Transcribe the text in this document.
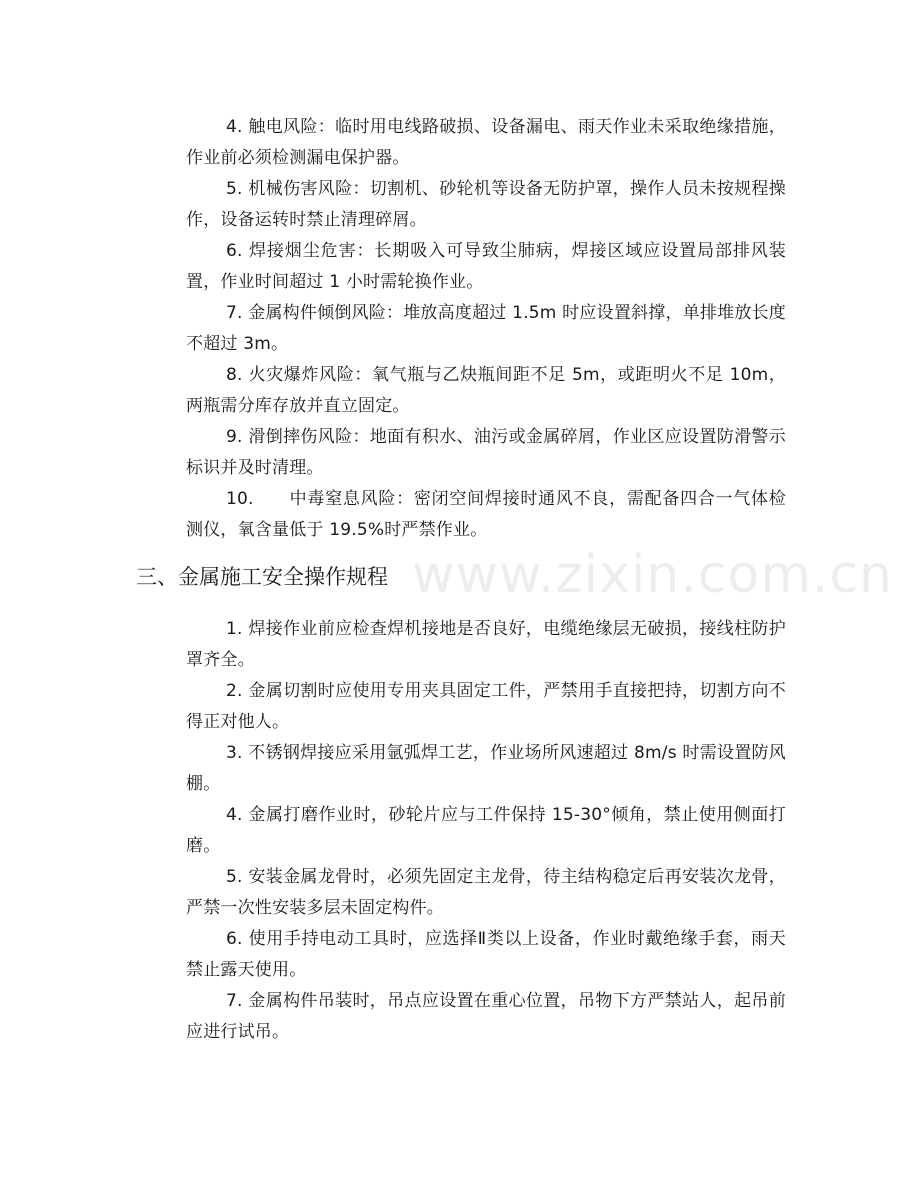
4. 触电风险：临时用电线路破损、设备漏电、雨天作业未采取绝缘措施，作业前必须检测漏电保护器。

5. 机械伤害风险：切割机、砂轮机等设备无防护罩，操作人员未按规程操作，设备运转时禁止清理碎屑。

6. 焊接烟尘危害：长期吸入可导致尘肺病，焊接区域应设置局部排风装置，作业时间超过 1 小时需轮换作业。

7. 金属构件倾倒风险：堆放高度超过 1.5m 时应设置斜撑，单排堆放长度不超过 3m。

8. 火灾爆炸风险：氧气瓶与乙炔瓶间距不足 5m，或距明火不足 10m，两瓶需分库存放并直立固定。

9. 滑倒摔伤风险：地面有积水、油污或金属碎屑，作业区应设置防滑警示标识并及时清理。

10.　　中毒窒息风险：密闭空间焊接时通风不良，需配备四合一气体检测仪，氧含量低于 19.5%时严禁作业。

www.zixin.com.cn
三、金属施工安全操作规程

1. 焊接作业前应检查焊机接地是否良好，电缆绝缘层无破损，接线柱防护罩齐全。

2. 金属切割时应使用专用夹具固定工件，严禁用手直接把持，切割方向不得正对他人。

3. 不锈钢焊接应采用氩弧焊工艺，作业场所风速超过 8m/s 时需设置防风棚。

4. 金属打磨作业时，砂轮片应与工件保持 15-30°倾角，禁止使用侧面打磨。

5. 安装金属龙骨时，必须先固定主龙骨，待主结构稳定后再安装次龙骨，严禁一次性安装多层未固定构件。

6. 使用手持电动工具时，应选择Ⅱ类以上设备，作业时戴绝缘手套，雨天禁止露天使用。

7. 金属构件吊装时，吊点应设置在重心位置，吊物下方严禁站人，起吊前应进行试吊。
